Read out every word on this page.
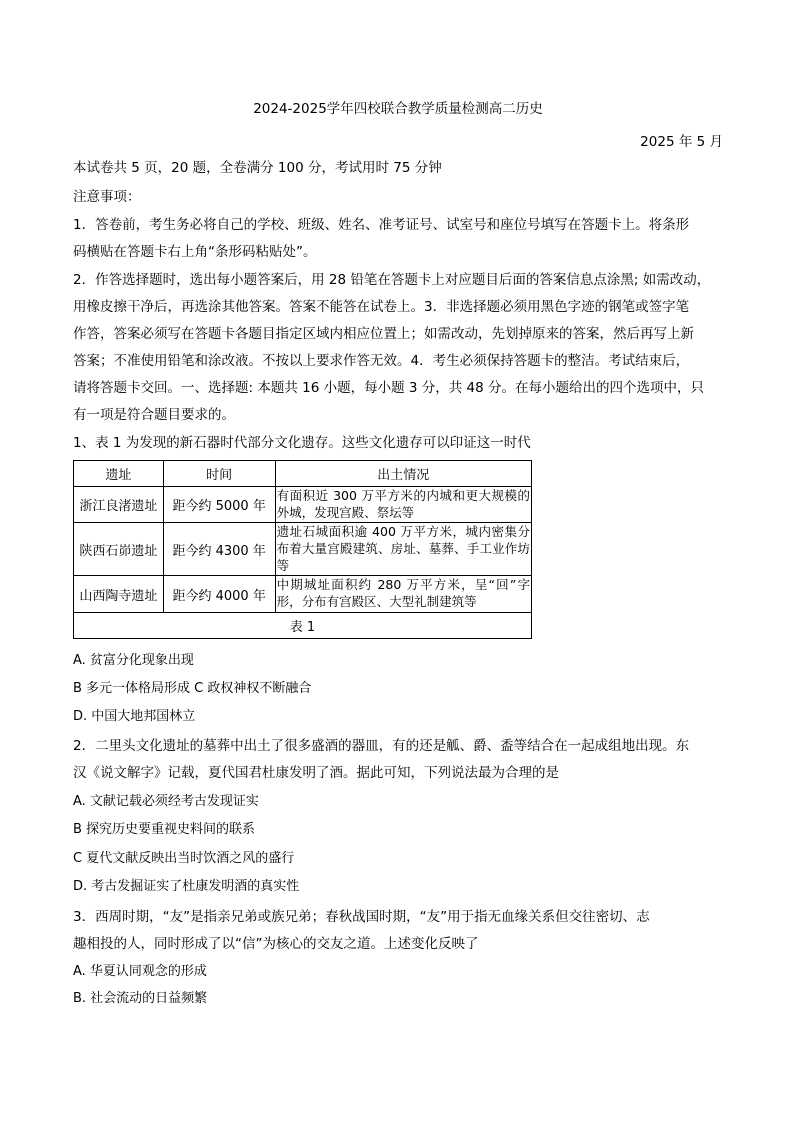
2024-2025学年四校联合教学质量检测高二历史
2025 年 5 月
本试卷共 5 页，20 题，全卷满分 100 分，考试用时 75 分钟
注意事项：
1．答卷前，考生务必将自己的学校、班级、姓名、准考证号、试室号和座位号填写在答题卡上。将条形
码横贴在答题卡右上角“条形码粘贴处”。
2．作答选择题时，选出每小题答案后，用 28 铅笔在答题卡上对应题目后面的答案信息点涂黑; 如需改动，
用橡皮擦干净后，再选涂其他答案。答案不能答在试卷上。3．非选择题必须用黑色字迹的钢笔或签字笔
作答，答案必须写在答题卡各题目指定区域内相应位置上；如需改动，先划掉原来的答案，然后再写上新
答案；不准使用铅笔和涂改液。不按以上要求作答无效。4．考生必须保持答题卡的整洁。考试结束后，
请将答题卡交回。一、选择题: 本题共 16 小题，每小题 3 分，共 48 分。在每小题给出的四个选项中，只
有一项是符合题目要求的。
1、表 1 为发现的新石器时代部分文化遗存。这些文化遗存可以印证这一时代
遗址	时间	出土情况
浙江良渚遗址	距今约 5000 年	有面积近 300 万平方米的内城和更大规模的外城，发现宫殿、祭坛等
陕西石峁遗址	距今约 4300 年	遗址石城面积逾 400 万平方米，城内密集分布着大量宫殿建筑、房址、墓葬、手工业作坊等
山西陶寺遗址	距今约 4000 年	中期城址面积约 280 万平方米，呈“回”字形，分布有宫殿区、大型礼制建筑等
表 1		
A. 贫富分化现象出现
B 多元一体格局形成 C 政权神权不断融合
D. 中国大地邦国林立
2．二里头文化遗址的墓葬中出土了很多盛酒的器皿，有的还是觚、爵、盉等结合在一起成组地出现。东
汉《说文解字》记载，夏代国君杜康发明了酒。据此可知，下列说法最为合理的是
A. 文献记载必须经考古发现证实
B 探究历史要重视史料间的联系
C 夏代文献反映出当时饮酒之风的盛行
D. 考古发掘证实了杜康发明酒的真实性
3．西周时期，“友”是指亲兄弟或族兄弟；春秋战国时期，“友”用于指无血缘关系但交往密切、志
趣相投的人，同时形成了以“信”为核心的交友之道。上述变化反映了
A. 华夏认同观念的形成
B. 社会流动的日益频繁
